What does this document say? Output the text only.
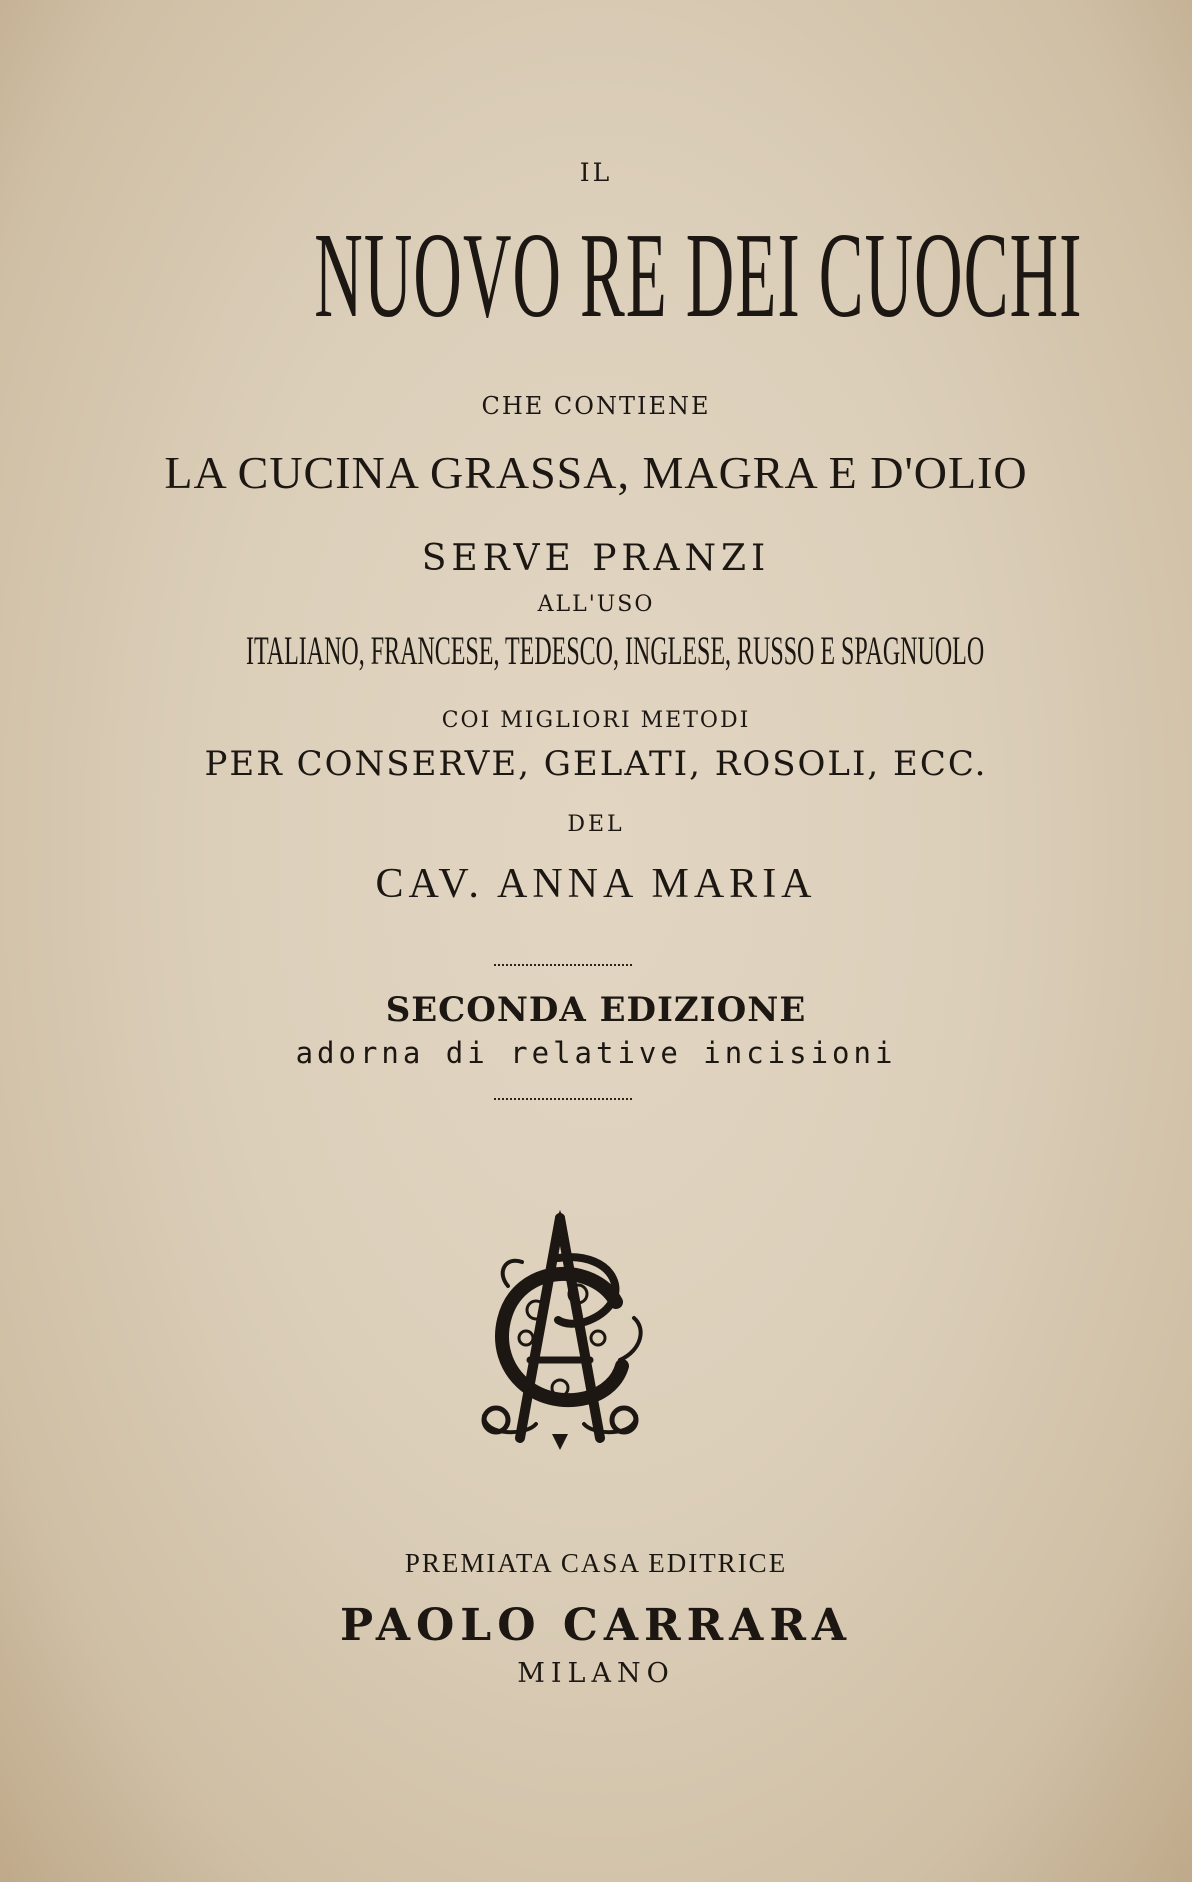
IL
NUOVO RE DEI CUOCHI
CHE CONTIENE
LA CUCINA GRASSA, MAGRA E D'OLIO
SERVE PRANZI
ALL'USO
ITALIANO, FRANCESE, TEDESCO, INGLESE, RUSSO E SPAGNUOLO
COI MIGLIORI METODI
PER CONSERVE, GELATI, ROSOLI, ECC.
DEL
CAV. ANNA MARIA
SECONDA EDIZIONE
adorna di relative incisioni
PREMIATA CASA EDITRICE
PAOLO CARRARA
MILANO
